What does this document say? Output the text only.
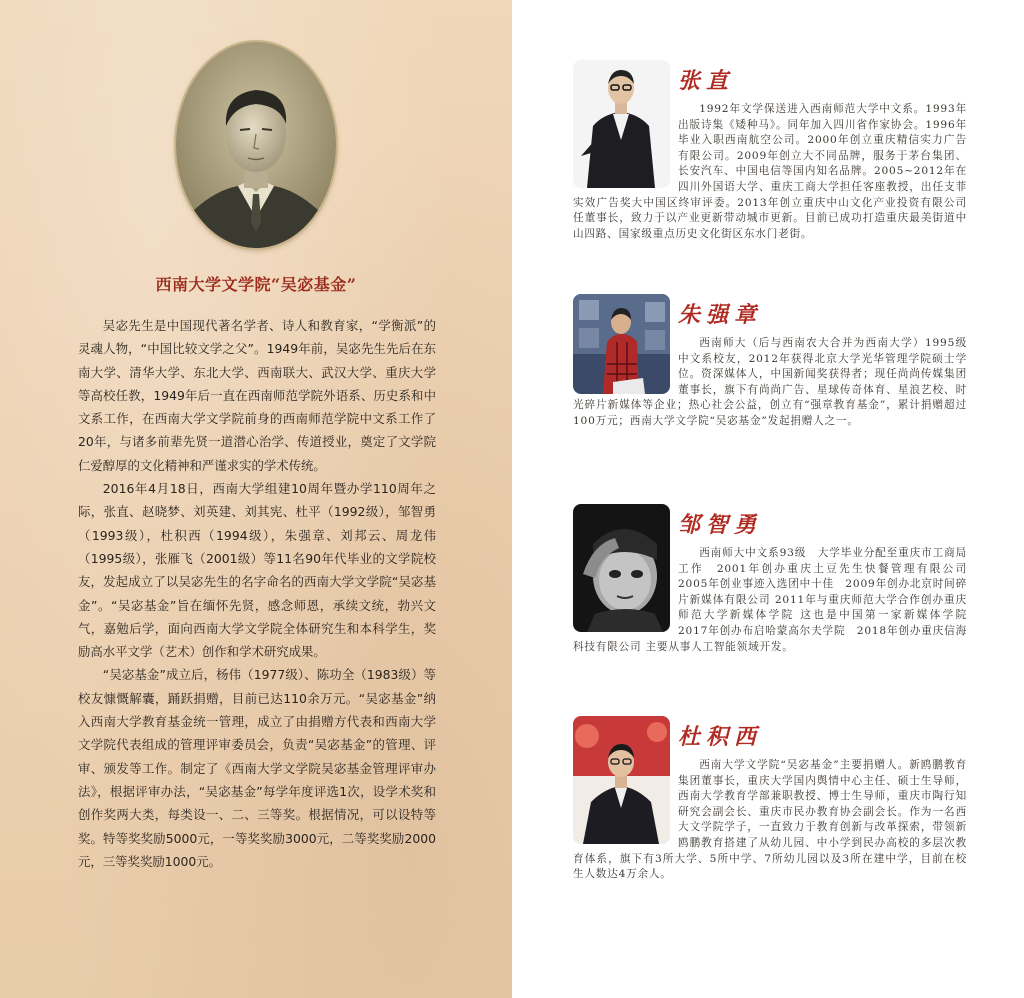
西南大学文学院“吴宓基金”

吴宓先生是中国现代著名学者、诗人和教育家，“学衡派”的灵魂人物，“中国比较文学之父”。1949年前，吴宓先生先后在东南大学、清华大学、东北大学、西南联大、武汉大学、重庆大学等高校任教，1949年后一直在西南师范学院外语系、历史系和中文系工作，在西南大学文学院前身的西南师范学院中文系工作了20年，与诸多前辈先贤一道潜心治学、传道授业，奠定了文学院仁爱醇厚的文化精神和严谨求实的学术传统。

2016年4月18日，西南大学组建10周年暨办学110周年之际，张直、赵晓梦、刘英建、刘其宪、杜平（1992级），邹智勇（1993级），杜积西（1994级），朱强章、刘邦云、周龙伟（1995级），张雁飞（2001级）等11名90年代毕业的文学院校友，发起成立了以吴宓先生的名字命名的西南大学文学院“吴宓基金”。“吴宓基金”旨在缅怀先贤，感念师恩，承续文统，勃兴文气，嘉勉后学，面向西南大学文学院全体研究生和本科学生，奖励高水平文学（艺术）创作和学术研究成果。

“吴宓基金”成立后，杨伟（1977级）、陈功全（1983级）等校友慷慨解囊，踊跃捐赠，目前已达110余万元。“吴宓基金”纳入西南大学教育基金统一管理，成立了由捐赠方代表和西南大学文学院代表组成的管理评审委员会，负责“吴宓基金”的管理、评审、颁发等工作。制定了《西南大学文学院吴宓基金管理评审办法》，根据评审办法，“吴宓基金”每学年度评选1次，设学术奖和创作奖两大类，每类设一、二、三等奖。根据情况，可以设特等奖。特等奖奖励5000元，一等奖奖励3000元，二等奖奖励2000元，三等奖奖励1000元。

张直
1992年文学保送进入西南师范大学中文系。1993年出版诗集《矮种马》。同年加入四川省作家协会。1996年毕业入职西南航空公司。2000年创立重庆精信实力广告有限公司。2009年创立大不同品牌，服务于茅台集团、长安汽车、中国电信等国内知名品牌。2005~2012年在四川外国语大学、重庆工商大学担任客座教授，出任支菲实效广告奖大中国区终审评委。2013年创立重庆中山文化产业投资有限公司任董事长，致力于以产业更新带动城市更新。目前已成功打造重庆最美街道中山四路、国家级重点历史文化街区东水门老街。
朱强章
西南师大（后与西南农大合并为西南大学）1995级中文系校友，2012年获得北京大学光华管理学院硕士学位。资深媒体人，中国新闻奖获得者；现任尚尚传媒集团董事长，旗下有尚尚广告、星球传奇体育、星浪艺校、时光碎片新媒体等企业；热心社会公益，创立有“强章教育基金”，累计捐赠超过100万元；西南大学文学院“吴宓基金”发起捐赠人之一。
邹智勇
西南师大中文系93级　大学毕业分配至重庆市工商局工作　2001年创办重庆土豆先生快餐管理有限公司　2005年创业事迹入选团中十佳　2009年创办北京时间碎片新媒体有限公司 2011年与重庆师范大学合作创办重庆师范大学新媒体学院 这也是中国第一家新媒体学院 2017年创办布启哈蒙高尔夫学院　2018年创办重庆信海科技有限公司 主要从事人工智能领域开发。
杜积西
西南大学文学院“吴宓基金”主要捐赠人。新鸥鹏教育集团董事长，重庆大学国内舆情中心主任、硕士生导师，西南大学教育学部兼职教授、博士生导师，重庆市陶行知研究会副会长、重庆市民办教育协会副会长。作为一名西大文学院学子，一直致力于教育创新与改革探索，带领新鸥鹏教育搭建了从幼儿园、中小学到民办高校的多层次教育体系，旗下有3所大学、5所中学、7所幼儿园以及3所在建中学，目前在校生人数达4万余人。
